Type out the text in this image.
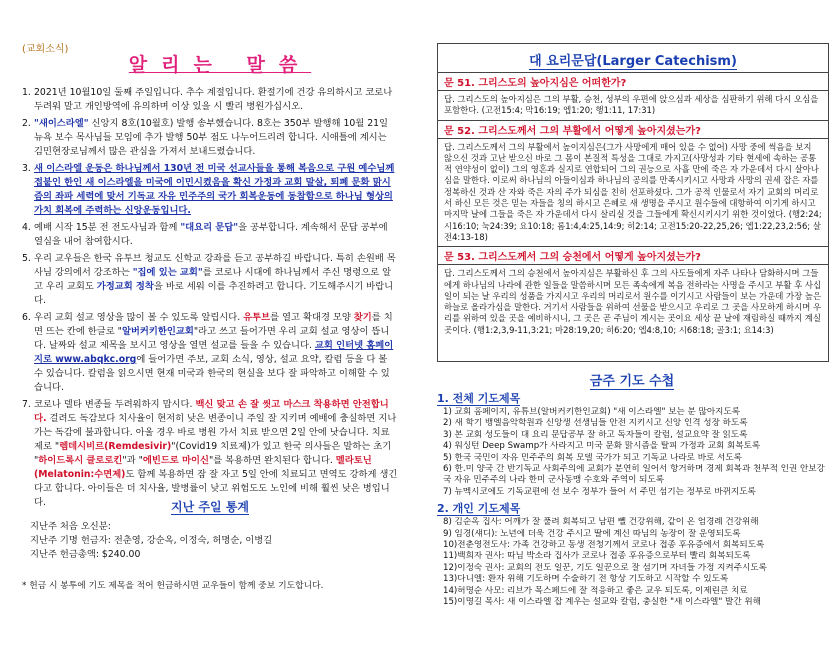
(교회소식)
알리는 말씀
1. 2021년 10월10일 둘째 주일입니다. 추수 계절입니다. 환절기에 건강 유의하시고 코로나 두려워 말고 개인방역에 유의하며 이상 있을 시 빨리 병원가십시오.
2. "새이스라엘" 신앙지 8호(10월호) 발행 송부했습니다. 8호는 350부 발행해 10월 21일 뉴욕 보수 목사님들 모임에 추가 발행 50부 점도 나누어드리려 합니다. 시애틀에 계시는 김민현장로님께서 많은 관심을 가져서 보내드렸습니다.
3. 새 이스라엘 운동은 하나님께서 130년 전 미국 선교사들을 통해 복음으로 구원 예수님께 접붙인 한인 새 이스라엘을 미국에 이민시켰음을 확신 가정과 교회 말살, 퇴폐 문화 맑시즘의 좌파 세력에 맞서 기독교 자유 민주주의 국가 회복운동에 동참함으로 하나님 형상의 가치 회복에 주력하는 신앙운동입니다.
4. 예배 시작 15분 전 전도사님과 함께 "대요리 문답"을 공부합니다. 계속해서 문답 공부에 열심을 내어 참여합시다.
5. 우리 교우들은 한국 유투브 청교도 신학교 강좌를 듣고 공부하길 바랍니다. 특히 손원배 목사님 강의에서 강조하는 "집에 있는 교회"를 코로나 시대에 하나님께서 주신 명령으로 알고 우리 교회도 가정교회 정착을 바로 세워 이를 추진하려고 합니다. 기도해주시기 바랍니다.
6. 우리 교회 설교 영상을 많이 볼 수 있도록 알립시다. 유투브를 열고 확대경 모양 찾기를 치면 뜨는 칸에 한글로 "알버커키한인교회"라고 쓰고 들어가면 우리 교회 설교 영상이 뜹니다. 날짜와 설교 제목을 보시고 영상을 열면 설교를 들을 수 있습니다. 교회 인터넷 홈페이지로 www.abqkc.org에 들어가면 주보, 교회 소식, 영상, 설교 요약, 칼럼 등을 다 볼 수 있습니다. 칼럼을 읽으시면 현재 미국과 한국의 현실을 보다 잘 파악하고 이해할 수 있습니다.
7. 코로나 델타 변종들 두려워하지 맙시다. 백신 맞고 손 잘 씻고 마스크 착용하면 안전합니다. 걸려도 독감보다 치사율이 현저히 낮은 변종이니 주일 잘 지키며 예배에 충실하면 지나가는 독감에 불과합니다. 아울 경우 바로 병원 가서 치료 받으면 2일 안에 낫습니다. 치료제로 "렘데시비르(Remdesivir)"(Covid19 치료제)가 있고 한국 의사들은 말하는 초기 "하이드록시 클로로킨"과 "에빈드로 마이신"를 복용하면 완치된다 합니다. 멜라토닌(Melatonin:수면제)도 함께 복용하면 잠 잘 자고 5일 안에 치료되고 면역도 강하게 생긴다고 합니다. 아이들은 더 치사율, 발병률이 낮고 위험도도 노인에 비해 훨씬 낮은 병입니다.	지난 주일 통계
지난주 처음 오신분:
지난주 기명 헌금자: 전춘영, 강순옥, 이정숙, 허명순, 이병길
지난주 헌금총액: $240.00
* 헌금 시 봉투에 기도 제목을 적어 헌금하시면 교우들이 함께 중보 기도합니다.
대 요리문답(Larger Catechism)
문 51. 그리스도의 높아지심은 어떠한가?
답. 그리스도의 높아지심은 그의 부활, 승천, 성부의 우편에 앉으심과 세상을 심판하기 위해 다시 오심을 포함한다. (고전15:4; 막16:19; 엡1:20; 행1:11, 17:31)
문 52. 그리스도께서 그의 부활에서 어떻게 높아지셨는가?
답. 그리스도께서 그의 부활에서 높이지심은(그가 사망에게 매어 있을 수 없어) 사망 중에 썩음을 보지 않으신 것과 고난 받으신 바로 그 몸이 본질적 특성을 그대로 가지고(사망성과 기타 현세에 속하는 공통적 연약성이 없이) 그의 영혼과 실지로 연합되어 그의 권능으로 사흘 만에 죽은 자 가운데서 다시 살아나심을 말한다. 이로써 하나님의 아들이심과 하나님의 공의를 만족시키시고 사망과 사망의 권세 잡은 자를 정복하신 것과 산 자와 죽은 자의 주가 되심을 친히 선포하셨다. 그가 공적 인물로서 자기 교회의 머리로서 하신 모든 것은 믿는 자들을 칭의 하시고 은혜로 새 생명을 주시고 원수들에 대항하여 이기게 하시고 마지막 날에 그들을 죽은 자 가운데서 다시 살리실 것을 그들에게 확신시키시기 위한 것이었다. (행2:24; 시16:10; 눅24:39; 요10:18; 롬1:4,4:25,14:9; 히2:14; 고전15:20-22,25,26; 엡1:22,23,2:56; 살전4:13-18)
문 53. 그리스도께서 그의 승천에서 어떻게 높아지셨는가?
답. 그리스도께서 그의 승천에서 높아지심은 부활하신 후 그의 사도들에게 자주 나타나 담화하시며 그들에게 하나님의 나라에 관한 일들을 말씀하시며 모든 족속에게 복음 전하라는 사명을 주시고 부활 후 사십 일이 되는 날 우리의 성품을 가지시고 우리의 머리로서 원수를 이기시고 사람들이 보는 가운데 가장 높은 하늘로 올라가심을 말한다. 거기서 사람들을 위하여 선물을 받으시고 우리로 그 곳을 사모하게 하시며 우리를 위하여 있을 곳을 예비하시니, 그 곳은 곧 주님이 계시는 곳이요 세상 끝 날에 재림하실 때까지 계실 곳이다. (행1:2,3,9-11,3:21; 마28:19,20; 히6:20; 엡4:8,10; 시68:18; 골3:1; 요14:3)
금주 기도 수첩
1. 전체 기도제목
1) 교회 홈페이지, 유튜브(알버커키한인교회) "새 이스라엘" 보는 분 많아지도록
2) 새 학기 뱅엘음악학원과 신앙생 선생님들 안전 지키시고 신앙 인격 성장 하도록
3) 본 교회 성도들이 대 요리 문답공부 잘 하고 독자들이 칼럼, 설교요약 잘 읽도록
4) 워싱턴 Deep Swamp가 사라지고 미국 문화 맑시즘을 탈피 가정과 교회 회복토록
5) 한국 국민이 자유 민주주의 회복 모델 국가가 되고 기독교 나라로 바로 서도록
6) 한.미 양국 간 반기독교 사회주의에 교회가 분연히 일어서 항거하며 경제 회복과 천부적 인권 안보강국 자유 민주주의 나라 한미 군사동맹 수호와 주역이 되도록
7) 뉴멕시코에도 기독교편에 선 보수 정부가 들어 서 주민 섬기는 정부로 바뀌지도록
2. 개인 기도제목
8) 김순옥 집사: 어깨가 잘 풀려 회복되고 남편 뻴 건강위해, 같이 온 엄경례 건강위해
9) 임경(섀디): 노년에 더욱 건강 주시고 딸에 계신 따님의 농장이 잘 운영되도록
10)전춘영전도사: 가족 건강하고 동생 전청기께서 코로나 접종 후유증에서 회복되도록
11)백희자 권사: 따님 박소라 집사가 코로나 접종 후유증으로부터 빨리 회복되도록
12)이정숙 권사: 교회의 전도 일꾼, 기도 일꾼으로 잘 섬기며 자녀들 가정 지켜주시도록
13)다니엘: 환자 위해 기도하며 수술하기 전 항상 기도하고 시작할 수 있도록
14)허명순 사모: 리브가 목스페드에 잘 적응하고 좋은 교우 되도록, 이제린큰 치료
15)이명길 목사: 새 이스라엘 잡 계우는 설교와 칼럼, 충실한 "새 이스라엘" 발간 위해
